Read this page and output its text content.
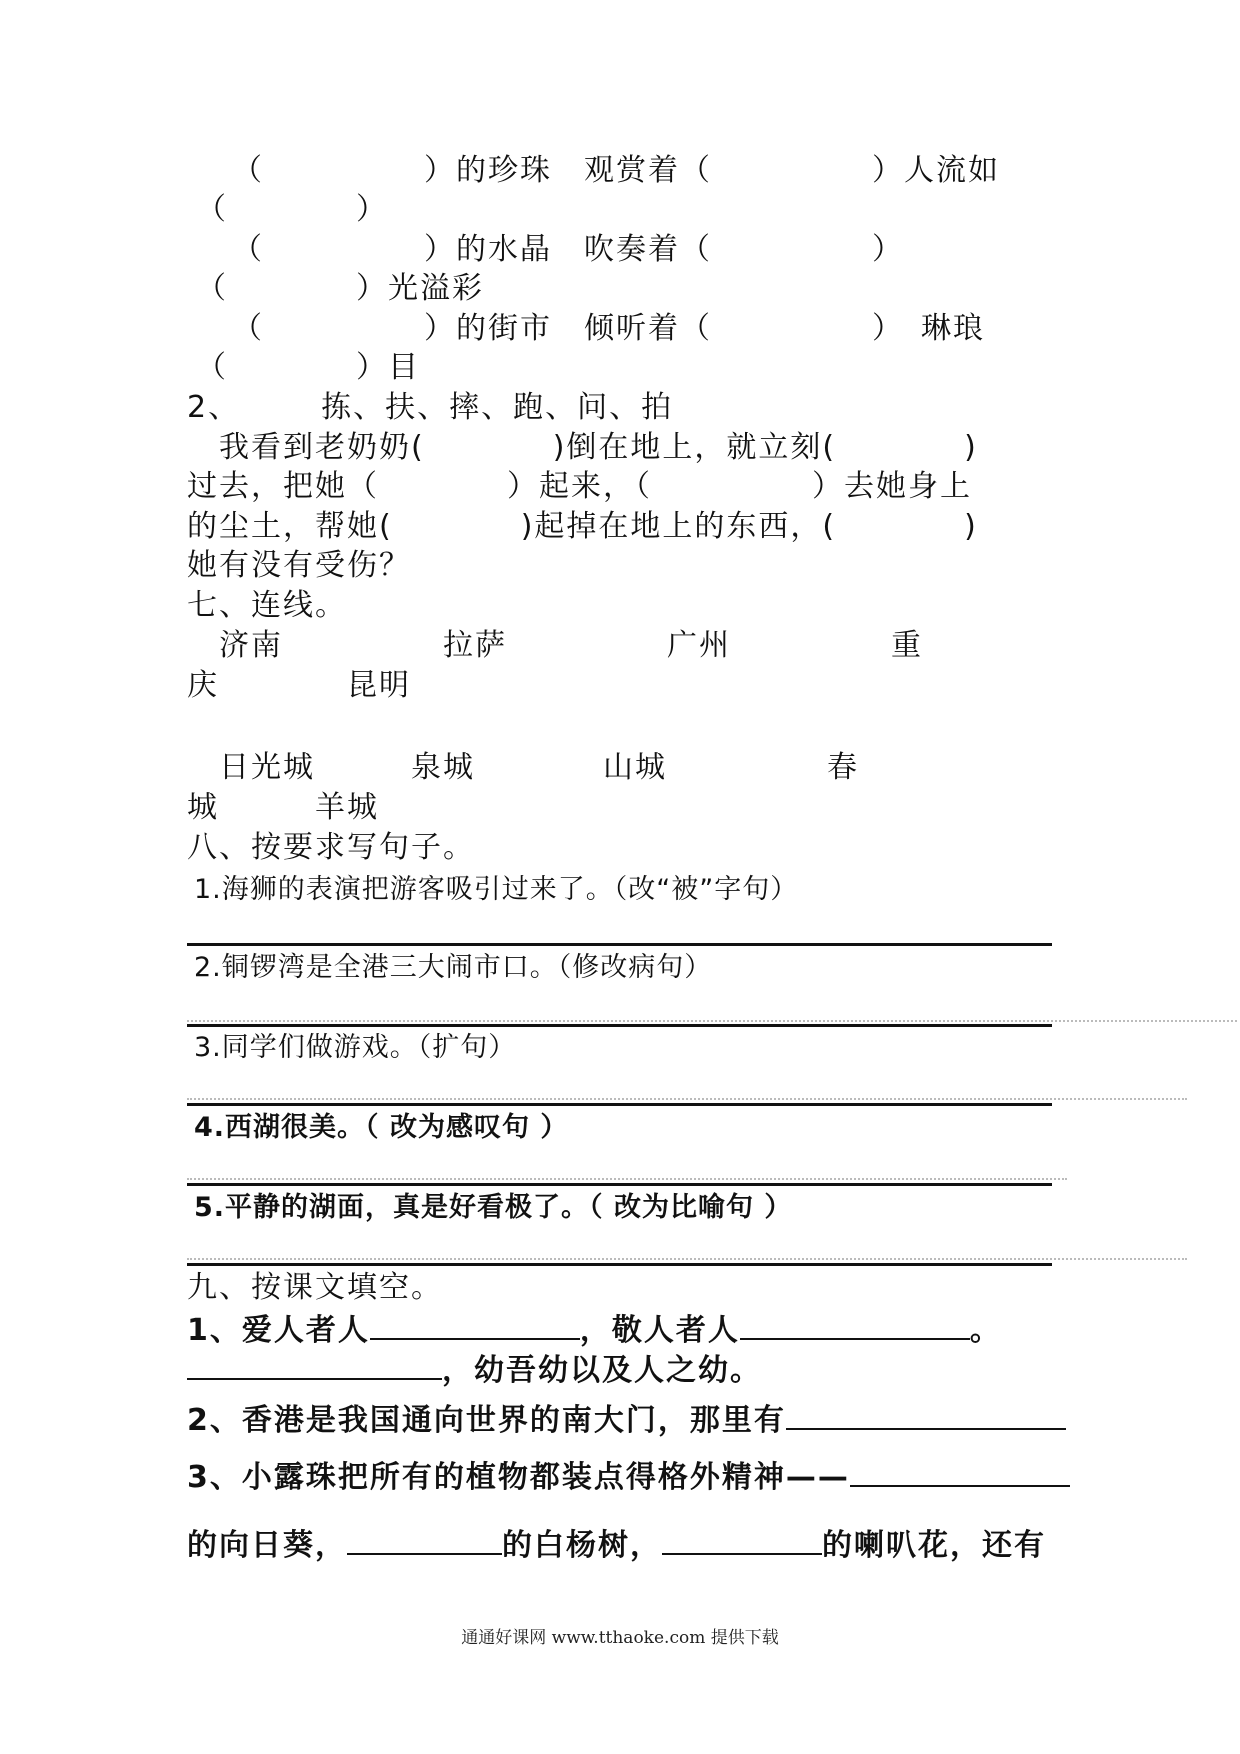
（　　　　　）的珍珠　观赏着（　　　　　）人流如
（　　　　）
（　　　　　）的水晶　吹奏着（　　　　　）
（　　　　）光溢彩
（　　　　　）的街市　倾听着（　　　　　）　琳琅
（　　　　）目
2、　　　拣、扶、摔、跑、问、拍
　我看到老奶奶(　　　　)倒在地上，就立刻(　　　　)
过去，把她（　　　　）起来，（　　　　　）去她身上
的尘土，帮她(　　　　)起掉在地上的东西，(　　　　)
她有没有受伤？
七、连线。
　济南　　　　　拉萨　　　　　广州　　　　　重
庆　　　　昆明
　日光城　　　泉城　　　　山城　　　　　春
城　　　羊城
八、按要求写句子。
1.海狮的表演把游客吸引过来了。（改“被”字句）
2.铜锣湾是全港三大闹市口。（修改病句）
3.同学们做游戏。（扩句）
4.西湖很美。（ 改为感叹句 ）
5.平静的湖面，真是好看极了。（ 改为比喻句 ）
九、按课文填空。
1、爱人者人	，敬人者人	。
，幼吾幼以及人之幼。
2、香港是我国通向世界的南大门，那里有
3、小露珠把所有的植物都装点得格外精神——
的向日葵，	的白杨树，	的喇叭花，还有
通通好课网 www.tthaoke.com 提供下载
